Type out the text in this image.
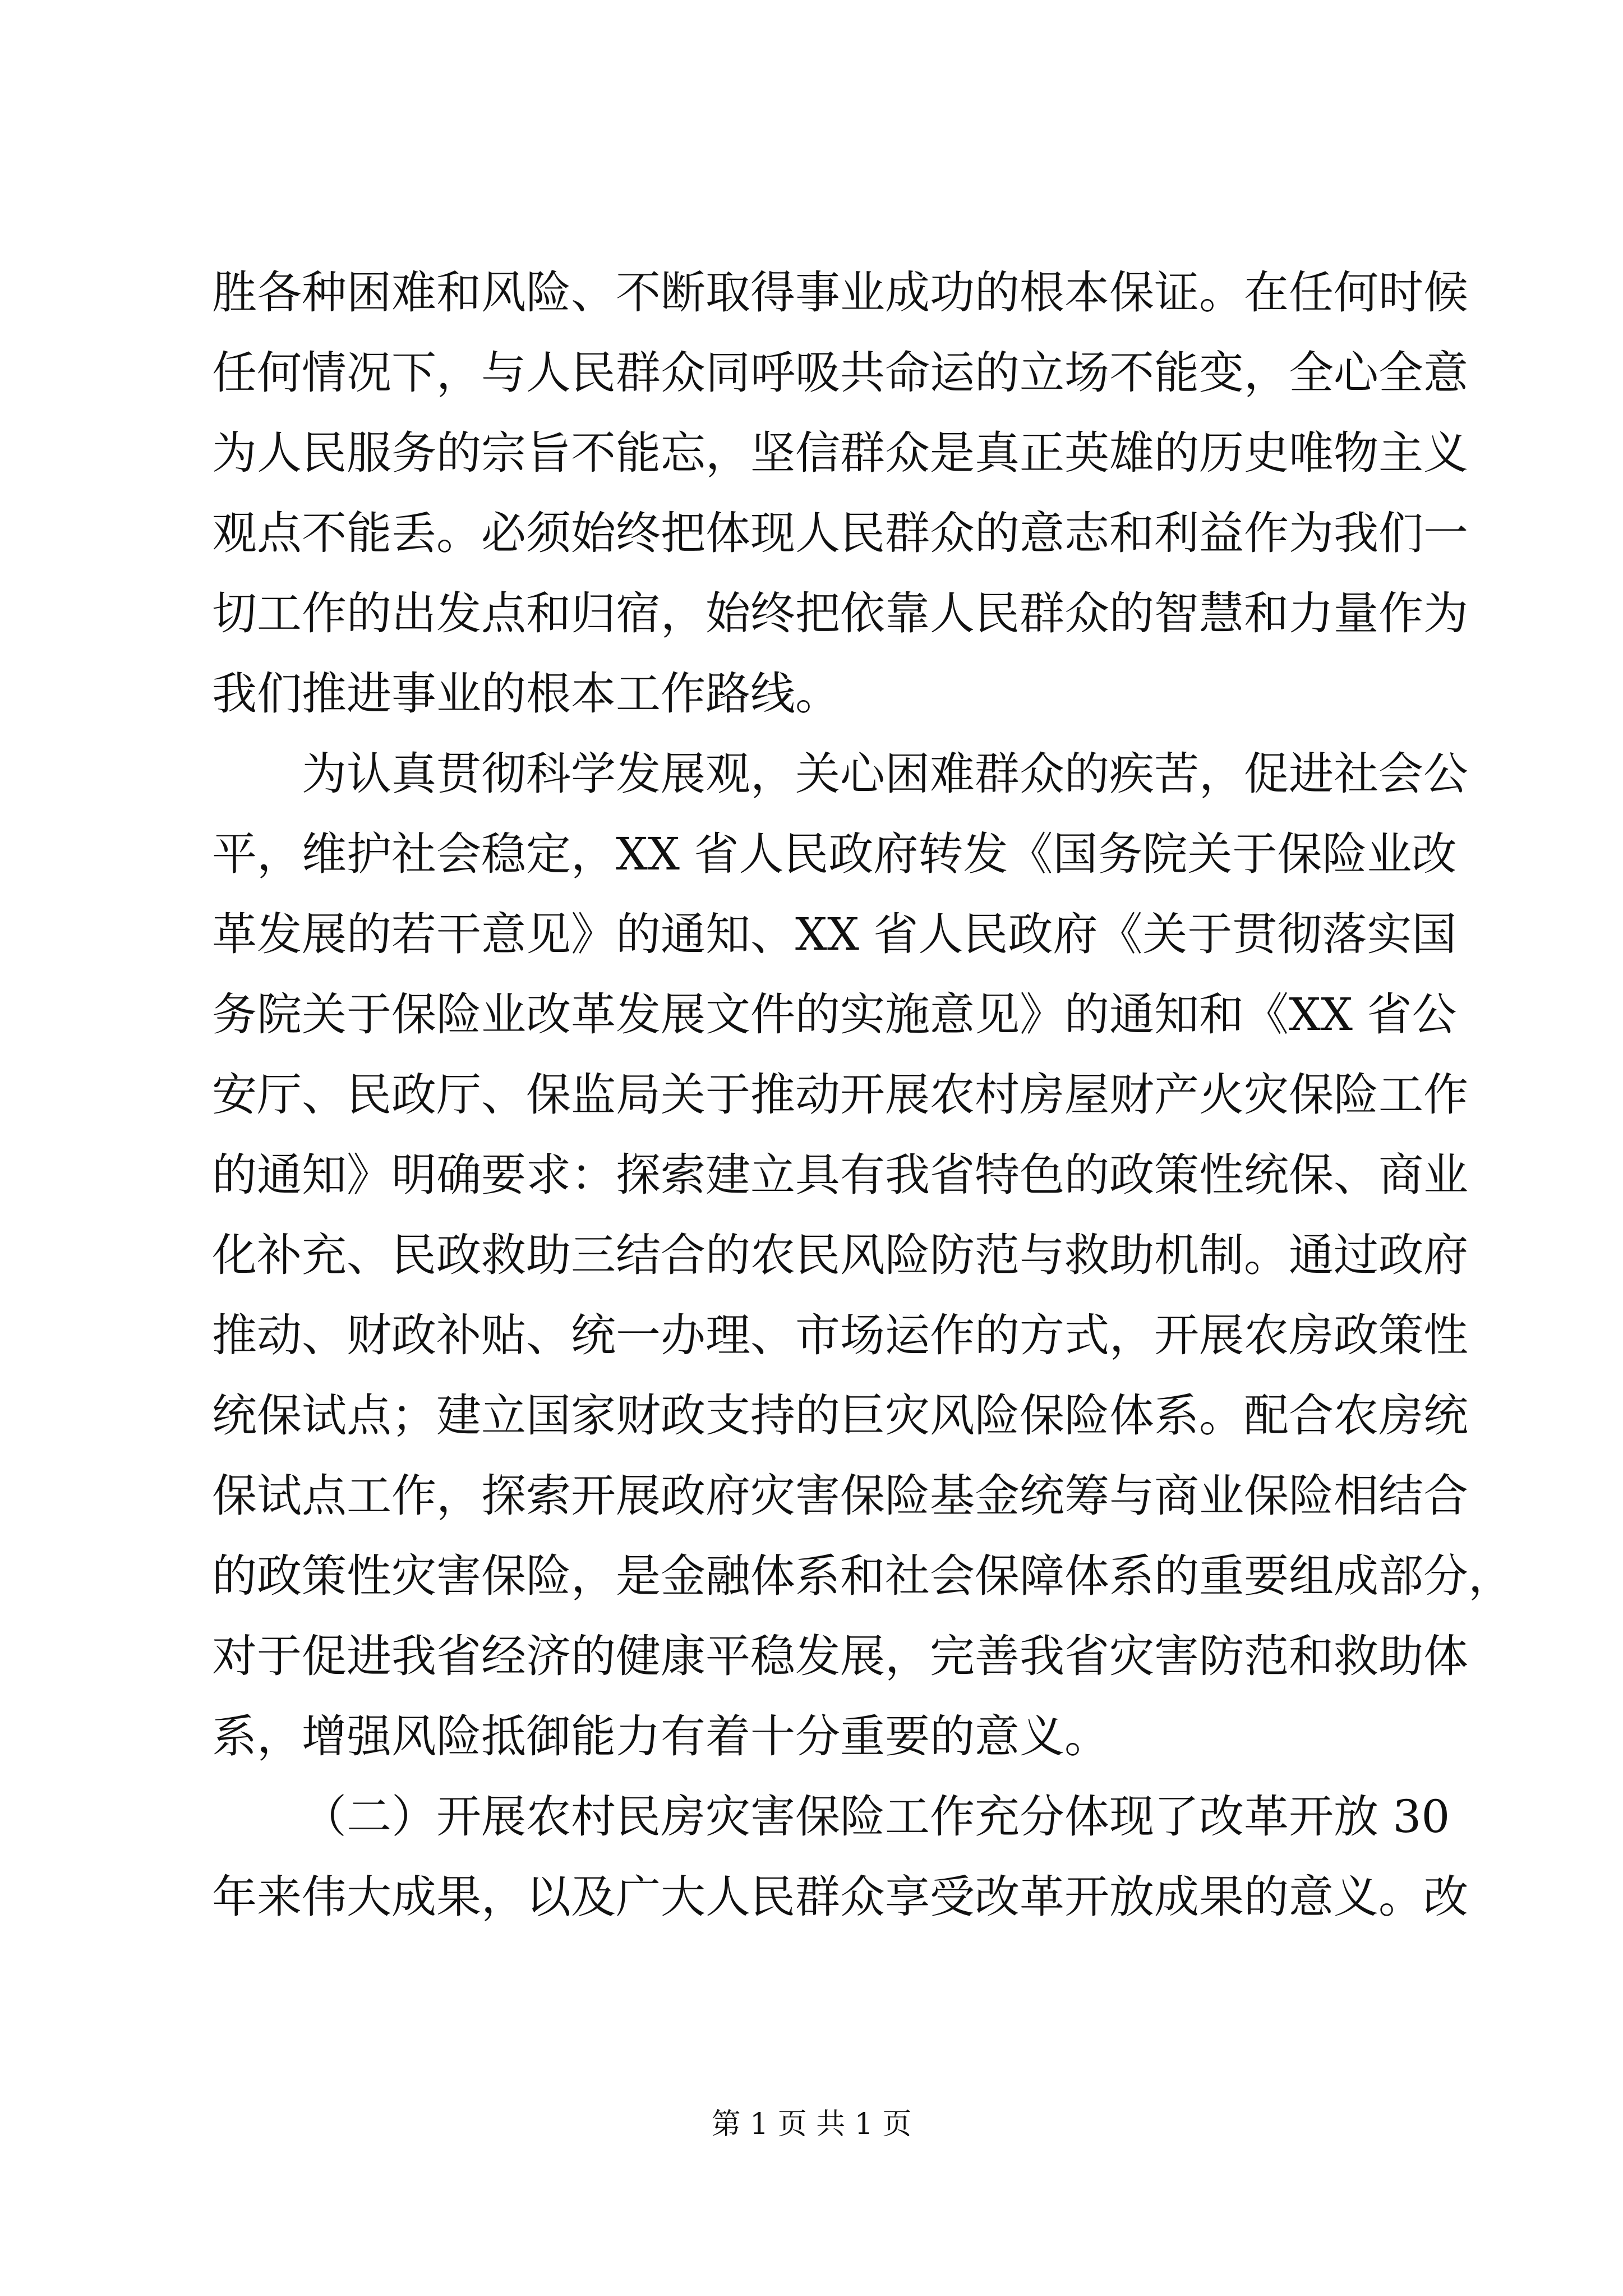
胜各种困难和风险、不断取得事业成功的根本保证。在任何时候
任何情况下，与人民群众同呼吸共命运的立场不能变，全心全意
为人民服务的宗旨不能忘，坚信群众是真正英雄的历史唯物主义
观点不能丢。必须始终把体现人民群众的意志和利益作为我们一
切工作的出发点和归宿，始终把依靠人民群众的智慧和力量作为
我们推进事业的根本工作路线。
为认真贯彻科学发展观，关心困难群众的疾苦，促进社会公
平，维护社会稳定，XX 省人民政府转发《国务院关于保险业改
革发展的若干意见》的通知、XX 省人民政府《关于贯彻落实国
务院关于保险业改革发展文件的实施意见》的通知和《XX 省公
安厅、民政厅、保监局关于推动开展农村房屋财产火灾保险工作
的通知》明确要求：探索建立具有我省特色的政策性统保、商业
化补充、民政救助三结合的农民风险防范与救助机制。通过政府
推动、财政补贴、统一办理、市场运作的方式，开展农房政策性
统保试点；建立国家财政支持的巨灾风险保险体系。配合农房统
保试点工作，探索开展政府灾害保险基金统筹与商业保险相结合
的政策性灾害保险，是金融体系和社会保障体系的重要组成部分，
对于促进我省经济的健康平稳发展，完善我省灾害防范和救助体
系，增强风险抵御能力有着十分重要的意义。
（二）开展农村民房灾害保险工作充分体现了改革开放 30
年来伟大成果，以及广大人民群众享受改革开放成果的意义。改
第 1 页 共 1 页
